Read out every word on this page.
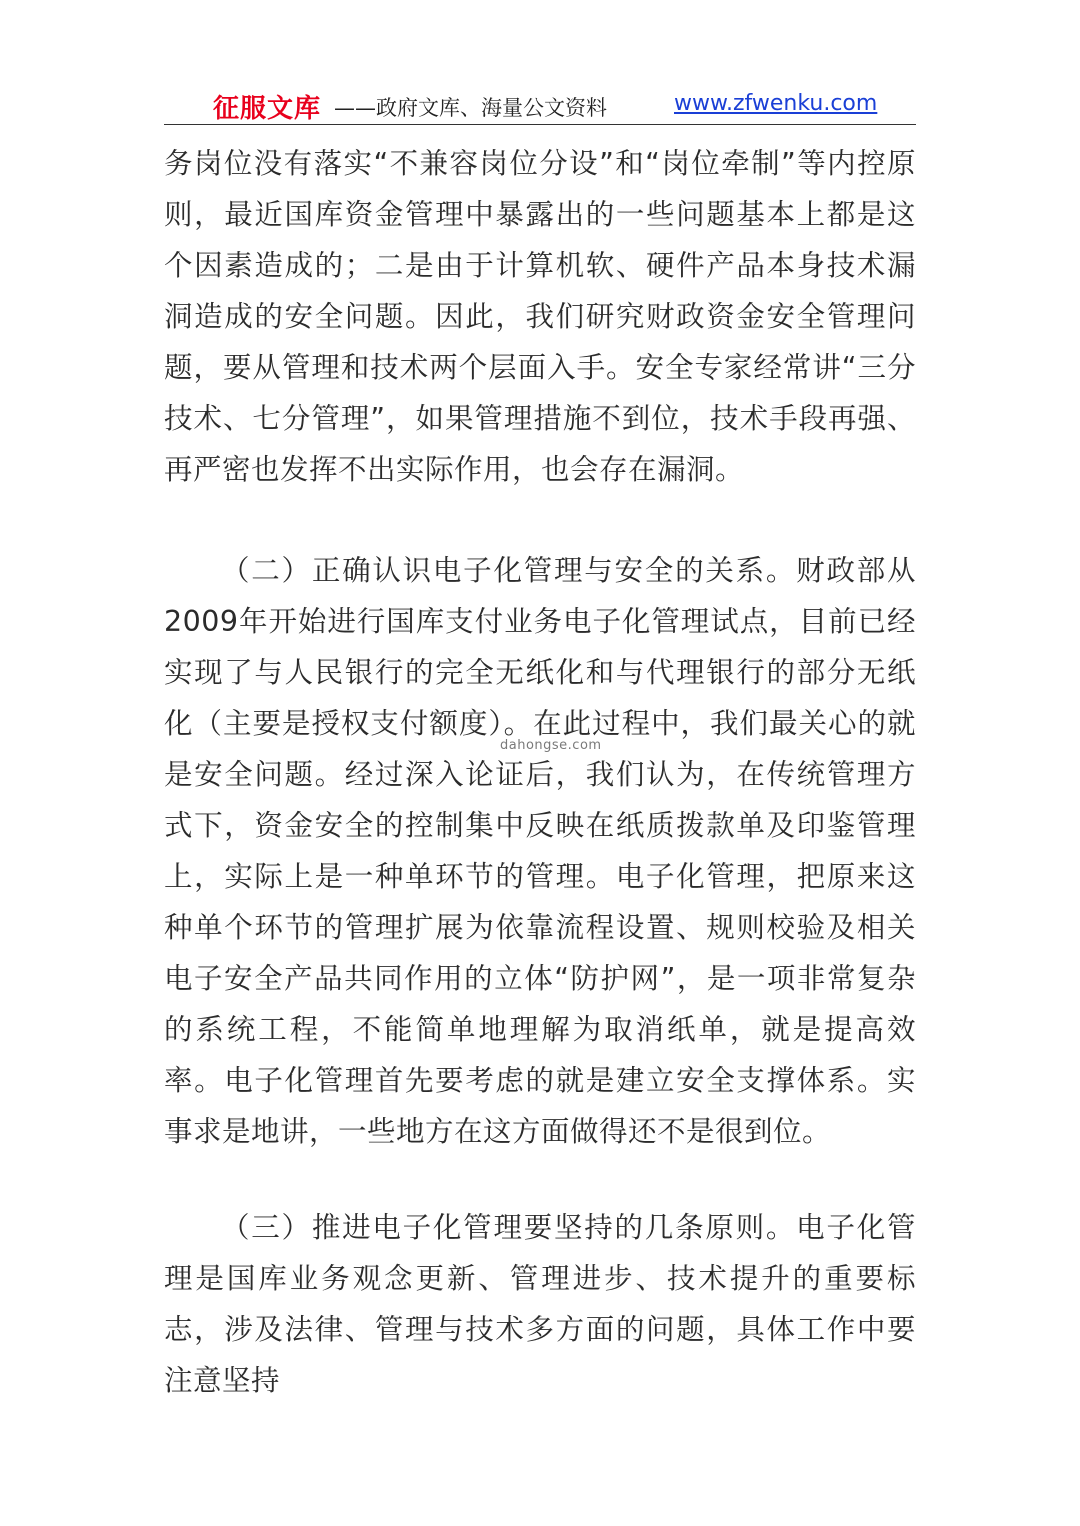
征服文库 ——政府文库、海量公文资料	www.zfwenku.com

务岗位没有落实“不兼容岗位分设”和“岗位牵制”等内控原则，最近国库资金管理中暴露出的一些问题基本上都是这个因素造成的；二是由于计算机软、硬件产品本身技术漏洞造成的安全问题。因此，我们研究财政资金安全管理问题，要从管理和技术两个层面入手。安全专家经常讲“三分技术、七分管理”，如果管理措施不到位，技术手段再强、再严密也发挥不出实际作用，也会存在漏洞。

（二）正确认识电子化管理与安全的关系。财政部从2009年开始进行国库支付业务电子化管理试点，目前已经实现了与人民银行的完全无纸化和与代理银行的部分无纸化（主要是授权支付额度）。在此过程中，我们最关心的就是安全问题。经过深入论证后，我们认为，在传统管理方式下，资金安全的控制集中反映在纸质拨款单及印鉴管理上，实际上是一种单环节的管理。电子化管理，把原来这种单个环节的管理扩展为依靠流程设置、规则校验及相关电子安全产品共同作用的立体“防护网”，是一项非常复杂的系统工程，不能简单地理解为取消纸单，就是提高效率。电子化管理首先要考虑的就是建立安全支撑体系。实事求是地讲，一些地方在这方面做得还不是很到位。

（三）推进电子化管理要坚持的几条原则。电子化管理是国库业务观念更新、管理进步、技术提升的重要标志，涉及法律、管理与技术多方面的问题，具体工作中要注意坚持

dahongse.com
